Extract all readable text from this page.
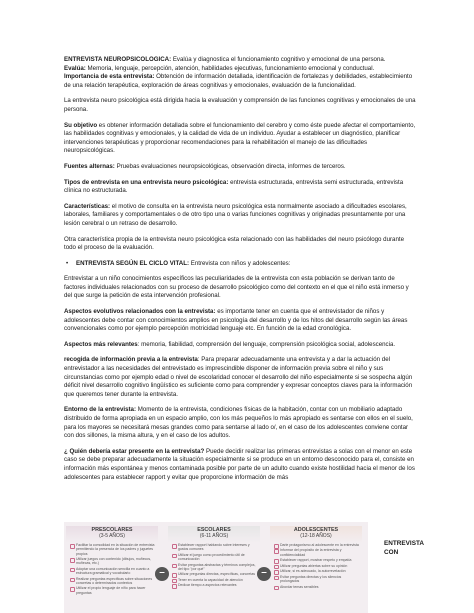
ENTREVISTA NEUROPSICOLOGICA: Evalúa y diagnostica el funcionamiento cognitivo y emocional de una persona.
Evalúa: Memoria, lenguaje, percepción, atención, habilidades ejecutivas, funcionamiento emocional y conductual.
Importancia de esta entrevista: Obtención de información detallada, identificación de fortalezas y debilidades, establecimiento de una relación terapéutica, exploración de áreas cognitivas y emocionales, evaluación de la funcionalidad.

La entrevista neuro psicológica está dirigida hacia la evaluación y comprensión de las funciones cognitivas y emocionales de una persona.

Su objetivo es obtener información detallada sobre el funcionamiento del cerebro y como éste puede afectar el comportamiento, las habilidades cognitivas y emocionales, y la calidad de vida de un individuo. Ayudar a establecer un diagnóstico, planificar intervenciones terapéuticas y proporcionar recomendaciones para la rehabilitación el manejo de las dificultades neuropsicológicas.

Fuentes alternas: Pruebas evaluaciones neuropsicológicas, observación directa, informes de terceros.

Tipos de entrevista en una entrevista neuro psicológica: entrevista estructurada, entrevista semi estructurada, entrevista clínica no estructurada.

Características: el motivo de consulta en la entrevista neuro psicológica esta normalmente asociado a dificultades escolares, laborales, familiares y comportamentales o de otro tipo una o varias funciones cognitivas y originadas presuntamente por una lesión cerebral o un retraso de desarrollo.

Otra característica propia de la entrevista neuro psicológica esta relacionado con las habilidades del neuro psicólogo durante todo el proceso de la evaluación.

• ENTREVISTA SEGÚN EL CICLO VITAL: Entrevista con niños y adolescentes:

Entrevistar a un niño conocimientos específicos las peculiaridades de la entrevista con esta población se derivan tanto de factores individuales relacionados con su proceso de desarrollo psicológico como del contexto en el que el niño está inmerso y del que surge la petición de esta intervención profesional.

Aspectos evolutivos relacionados con la entrevista: es importante tener en cuenta que el entrevistador de niños y adolescentes debe contar con conocimientos amplios en psicología del desarrollo y de los hitos del desarrollo según las áreas convencionales como por ejemplo percepción motricidad lenguaje etc. En función de la edad cronológica.

Aspectos más relevantes: memoria, fiabilidad, comprensión del lenguaje, comprensión psicológica social, adolescencia.

recogida de información previa a la entrevista: Para preparar adecuadamente una entrevista y a dar la actuación del entrevistador a las necesidades del entrevistado es imprescindible disponer de información previa sobre el niño y sus circunstancias como por ejemplo edad o nivel de escolaridad conocer el desarrollo del niño especialmente si se sospecha algún déficit nivel desarrollo cognitivo lingüístico es suficiente como para comprender y expresar conceptos claves para la información que queremos tener durante la entrevista.

Entorno de la entrevista: Momento de la entrevista, condiciones físicas de la habitación, contar con un mobiliario adaptado distribuido de forma apropiada en un espacio amplio, con los más pequeños lo más apropiado es sentarse con ellos en el suelo, para los mayores se necesitará mesas grandes como para sentarse al lado o/, en el caso de los adolescentes conviene contar con dos sillones, la misma altura, y en el caso de los adultos.

¿ Quién debería estar presente en la entrevista? Puede decidir realizar las primeras entrevistas a solas con el menor en este caso se debe preparar adecuadamente la situación especialmente si se produce en un entorno desconocido para el, consiste en información más espontánea y menos contaminada posible por parte de un adulto cuando existe hostilidad hacia el menor de los adolescentes para establecer rapport y evitar que proporcione información de más

PRESCOLARES
(3-5 AÑOS)
Facilitar la comodidad en la situación de entrevista permitiendo la presencia de los padres y juguetes propios
Utilizar juegos con contenido (dibujos, muñecos, muñecas, etc.)
Adoptar una comunicación sencilla en cuanto a estructura gramatical y vocabulario
Realizar preguntas específicas sobre situaciones concretas o determinados contextos
Utilizar el propio lenguaje de niño para hacer preguntas
–
ESCOLARES
(6-11 AÑOS)
Establecer rapport hablando sobre intereses y gustos comunes
Utilizar el juego como procedimiento útil de comunicación
Evitar preguntas abstractas y términos complejos, del tipo "por qué"
Utilizar preguntas directas, específicas, concretas
Tener en cuenta la capacidad de atención
Dedicar tiempo a aspectos relevantes
–
ADOLESCENTES
(12-18 AÑOS)
Darle protagonismo al adolescente en la entrevista
Informar del propósito de la entrevista y confidencialidad
Establecer rapport, mostrar respeto y empatía
Utilizar preguntas abiertas sobre su opinión
Utilizar, si es adecuado, la autorrevelación
Evitar preguntas directas y los silencios prolongados
Abordar temas sensibles
ENTREVISTA CON
